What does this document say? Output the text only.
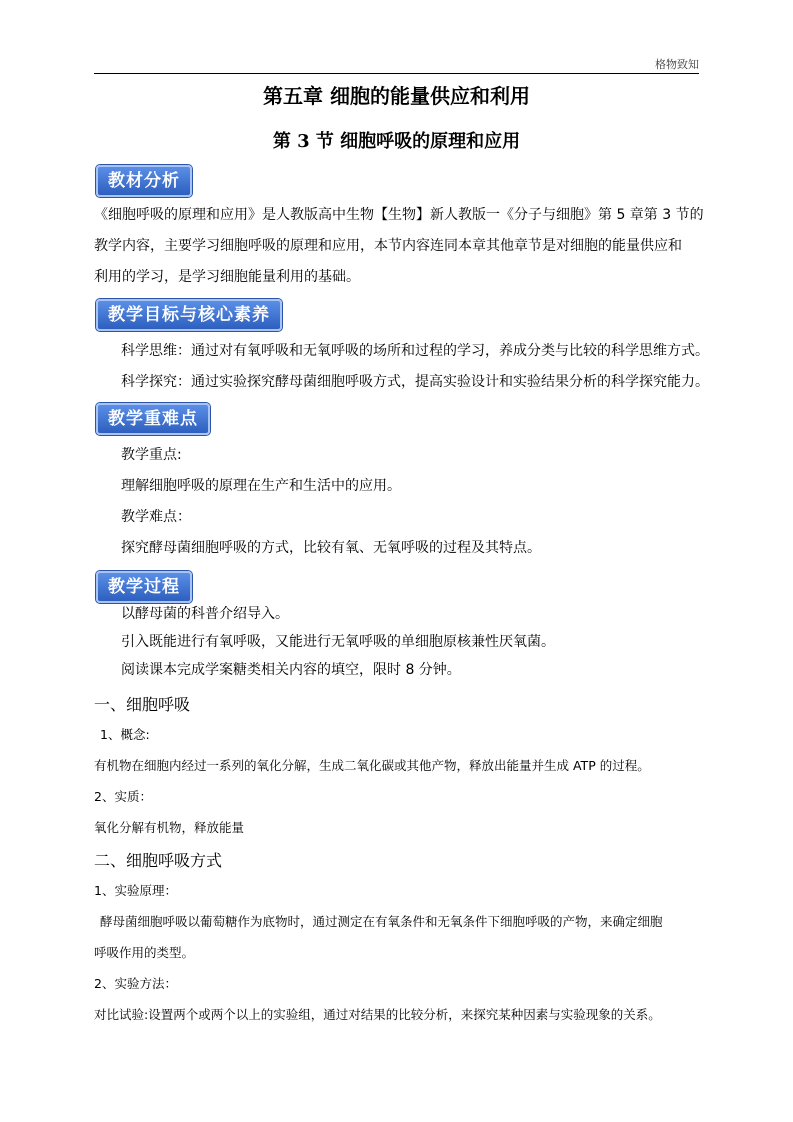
格物致知
第五章 细胞的能量供应和利用
第 3 节 细胞呼吸的原理和应用
教材分析
《细胞呼吸的原理和应用》是人教版高中生物【生物】新人教版一《分子与细胞》第 5 章第 3 节的
教学内容，主要学习细胞呼吸的原理和应用，本节内容连同本章其他章节是对细胞的能量供应和
利用的学习，是学习细胞能量利用的基础。
教学目标与核心素养
科学思维：通过对有氧呼吸和无氧呼吸的场所和过程的学习，养成分类与比较的科学思维方式。
科学探究：通过实验探究酵母菌细胞呼吸方式，提高实验设计和实验结果分析的科学探究能力。
教学重难点
教学重点:
理解细胞呼吸的原理在生产和生活中的应用。
教学难点：
探究酵母菌细胞呼吸的方式，比较有氧、无氧呼吸的过程及其特点。
教学过程
以酵母菌的科普介绍导入。
引入既能进行有氧呼吸，又能进行无氧呼吸的单细胞原核兼性厌氧菌。
阅读课本完成学案糖类相关内容的填空，限时 8 分钟。
一、细胞呼吸
1、概念:
有机物在细胞内经过一系列的氧化分解，生成二氧化碳或其他产物，释放出能量并生成 ATP 的过程。
2、实质：
氧化分解有机物，释放能量
二、细胞呼吸方式
1、实验原理：
酵母菌细胞呼吸以葡萄糖作为底物时，通过测定在有氧条件和无氧条件下细胞呼吸的产物，来确定细胞
呼吸作用的类型。
2、实验方法：
对比试验:设置两个或两个以上的实验组，通过对结果的比较分析，来探究某种因素与实验现象的关系。
